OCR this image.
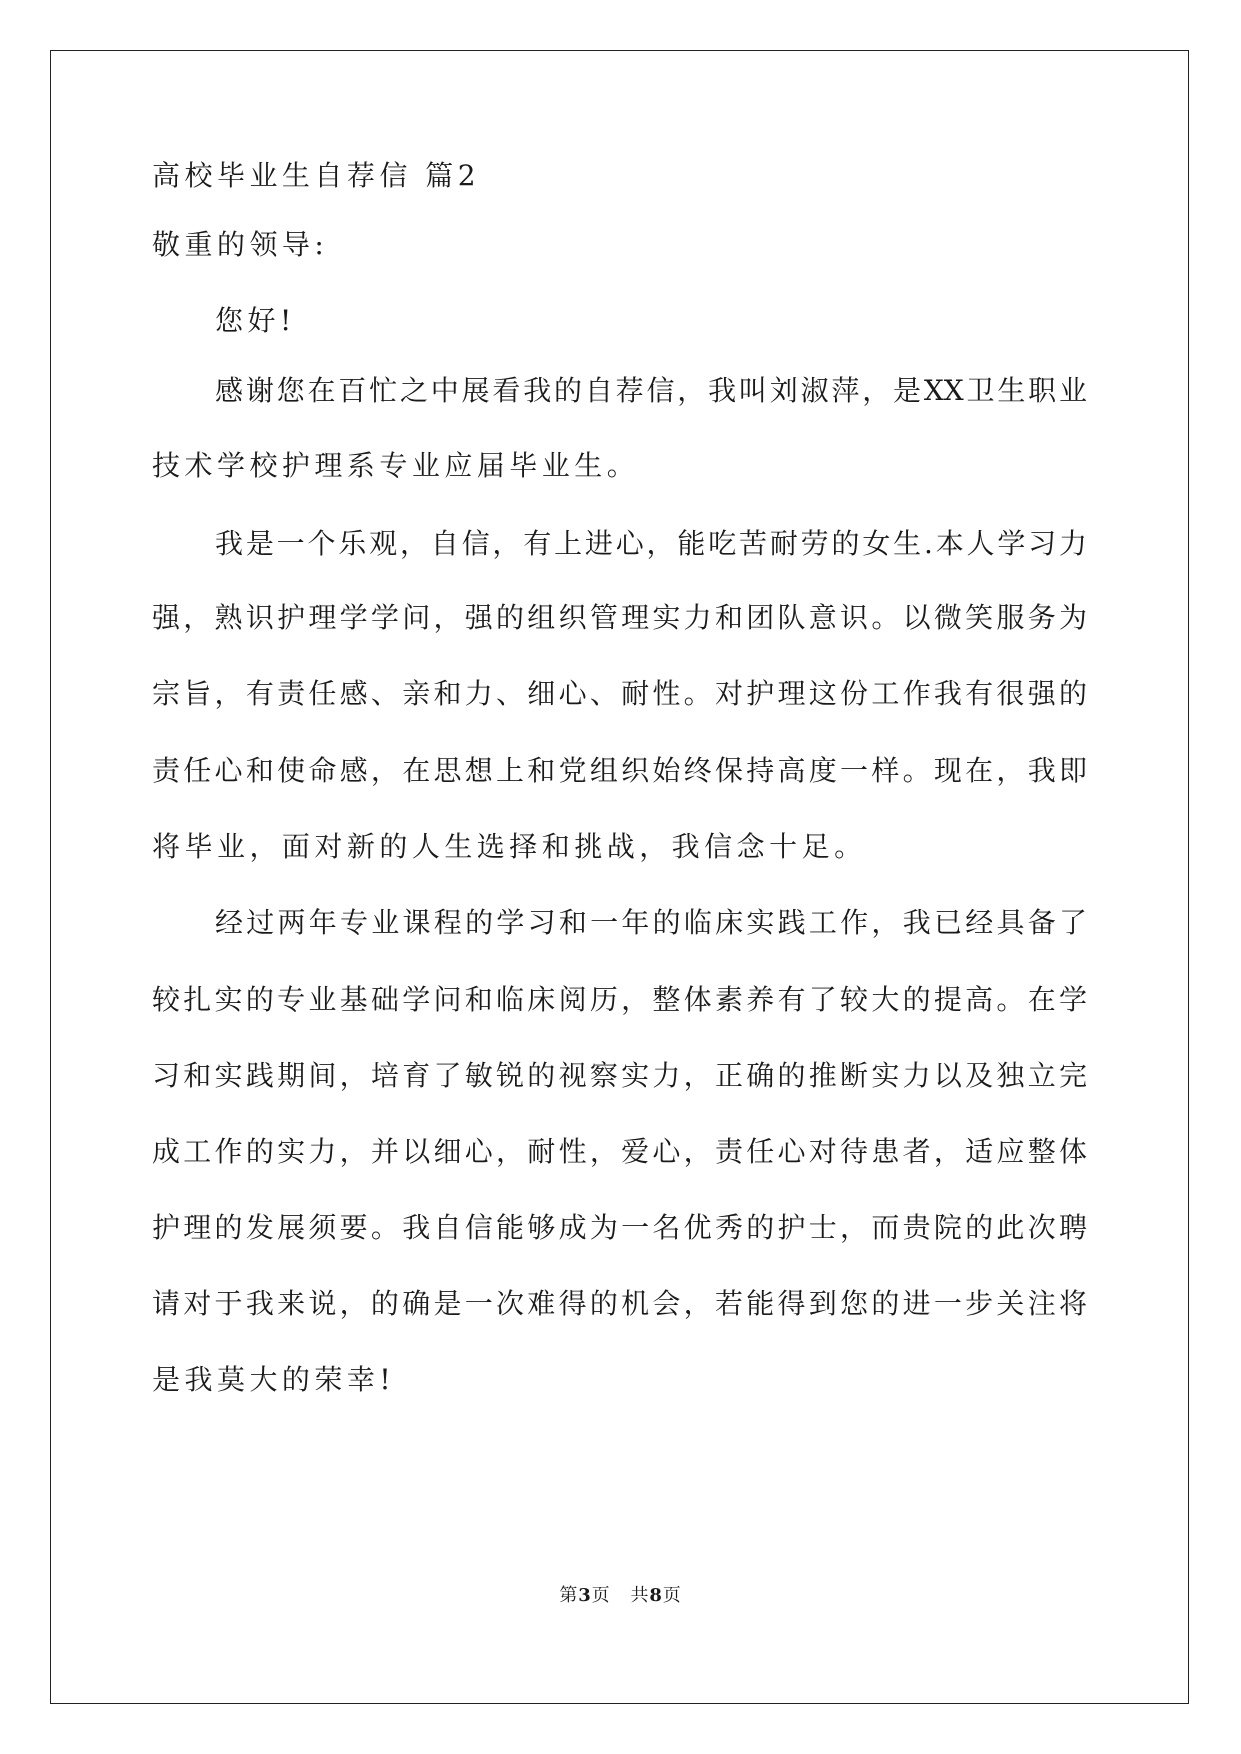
高校毕业生自荐信 篇2
敬重的领导:
您好!
感谢您在百忙之中展看我的自荐信，我叫刘淑萍，是XX卫生职业
技术学校护理系专业应届毕业生。
我是一个乐观，自信，有上进心，能吃苦耐劳的女生.本人学习力
强，熟识护理学学问，强的组织管理实力和团队意识。以微笑服务为
宗旨，有责任感、亲和力、细心、耐性。对护理这份工作我有很强的
责任心和使命感，在思想上和党组织始终保持高度一样。现在，我即
将毕业，面对新的人生选择和挑战，我信念十足。
经过两年专业课程的学习和一年的临床实践工作，我已经具备了
较扎实的专业基础学问和临床阅历，整体素养有了较大的提高。在学
习和实践期间，培育了敏锐的视察实力，正确的推断实力以及独立完
成工作的实力，并以细心，耐性，爱心，责任心对待患者，适应整体
护理的发展须要。我自信能够成为一名优秀的护士，而贵院的此次聘
请对于我来说，的确是一次难得的机会，若能得到您的进一步关注将
是我莫大的荣幸!
第3页 共8页
